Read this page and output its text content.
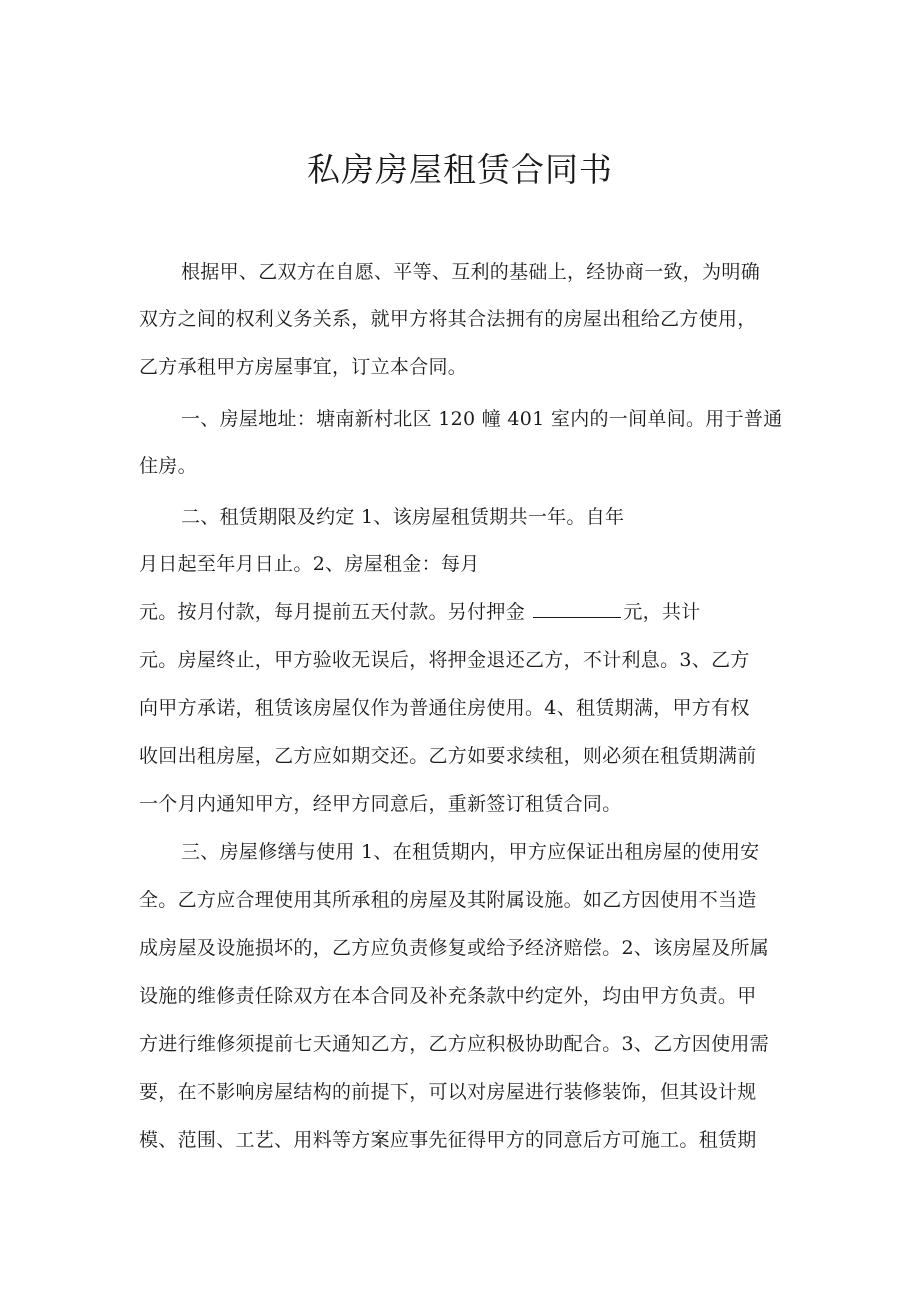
私房房屋租赁合同书
根据甲、乙双方在自愿、平等、互利的基础上，经协商一致，为明确
双方之间的权利义务关系，就甲方将其合法拥有的房屋出租给乙方使用，
乙方承租甲方房屋事宜，订立本合同。
一、房屋地址：塘南新村北区 120 幢 401 室内的一间单间。用于普通
住房。
二、租赁期限及约定 1、该房屋租赁期共一年。自年
月日起至年月日止。2、房屋租金：每月
元。按月付款，每月提前五天付款。另付押金	元，共计
元。房屋终止，甲方验收无误后，将押金退还乙方，不计利息。3、乙方
向甲方承诺，租赁该房屋仅作为普通住房使用。4、租赁期满，甲方有权
收回出租房屋，乙方应如期交还。乙方如要求续租，则必须在租赁期满前
一个月内通知甲方，经甲方同意后，重新签订租赁合同。
三、房屋修缮与使用 1、在租赁期内，甲方应保证出租房屋的使用安
全。乙方应合理使用其所承租的房屋及其附属设施。如乙方因使用不当造
成房屋及设施损坏的，乙方应负责修复或给予经济赔偿。2、该房屋及所属
设施的维修责任除双方在本合同及补充条款中约定外，均由甲方负责。甲
方进行维修须提前七天通知乙方，乙方应积极协助配合。3、乙方因使用需
要，在不影响房屋结构的前提下，可以对房屋进行装修装饰，但其设计规
模、范围、工艺、用料等方案应事先征得甲方的同意后方可施工。租赁期
